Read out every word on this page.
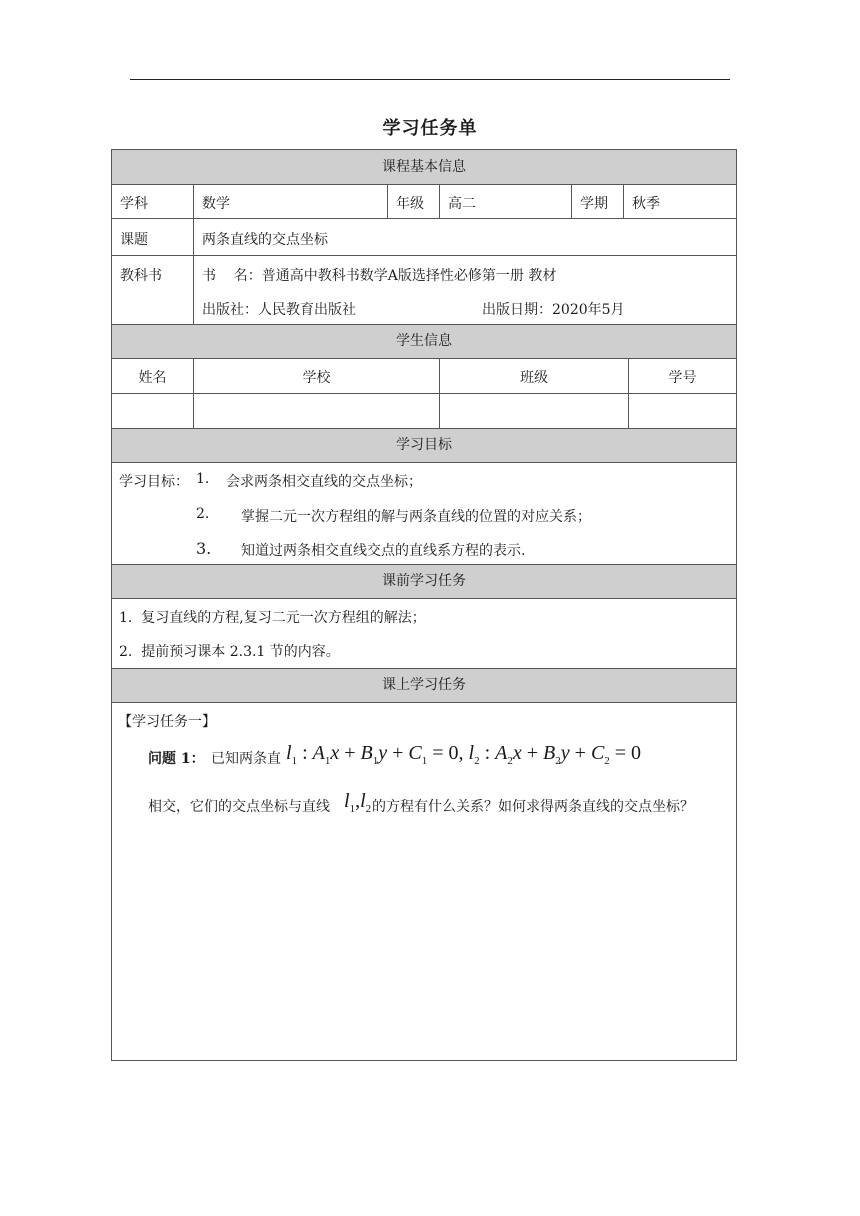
学习任务单
课程基本信息
学生信息
学习目标
课前学习任务
课上学习任务
学科	数学	年级 高二	学期 秋季
课题	两条直线的交点坐标
教科书	书    名：普通高中教科书数学A版选择性必修第一册 教材
出版社：人民教育出版社	出版日期：2020年5月
姓名	学校	班级	学号
学习目标： 1. 会求两条相交直线的交点坐标；
2. 掌握二元一次方程组的解与两条直线的位置的对应关系；
3. 知道过两条相交直线交点的直线系方程的表示.
1.  复习直线的方程,复习二元一次方程组的解法；
2.  提前预习课本 2.3.1 节的内容。
【学习任务一】
问题 1： 已知两条直 $l_1$ : $A_1x + B_1y + C_1 = 0$, $l_2$ : $A_2x + B_2y + C_2 = 0$
相交，它们的交点坐标与直线 $l_1,l_2$ 的方程有什么关系？如何求得两条直线的交点坐标？
